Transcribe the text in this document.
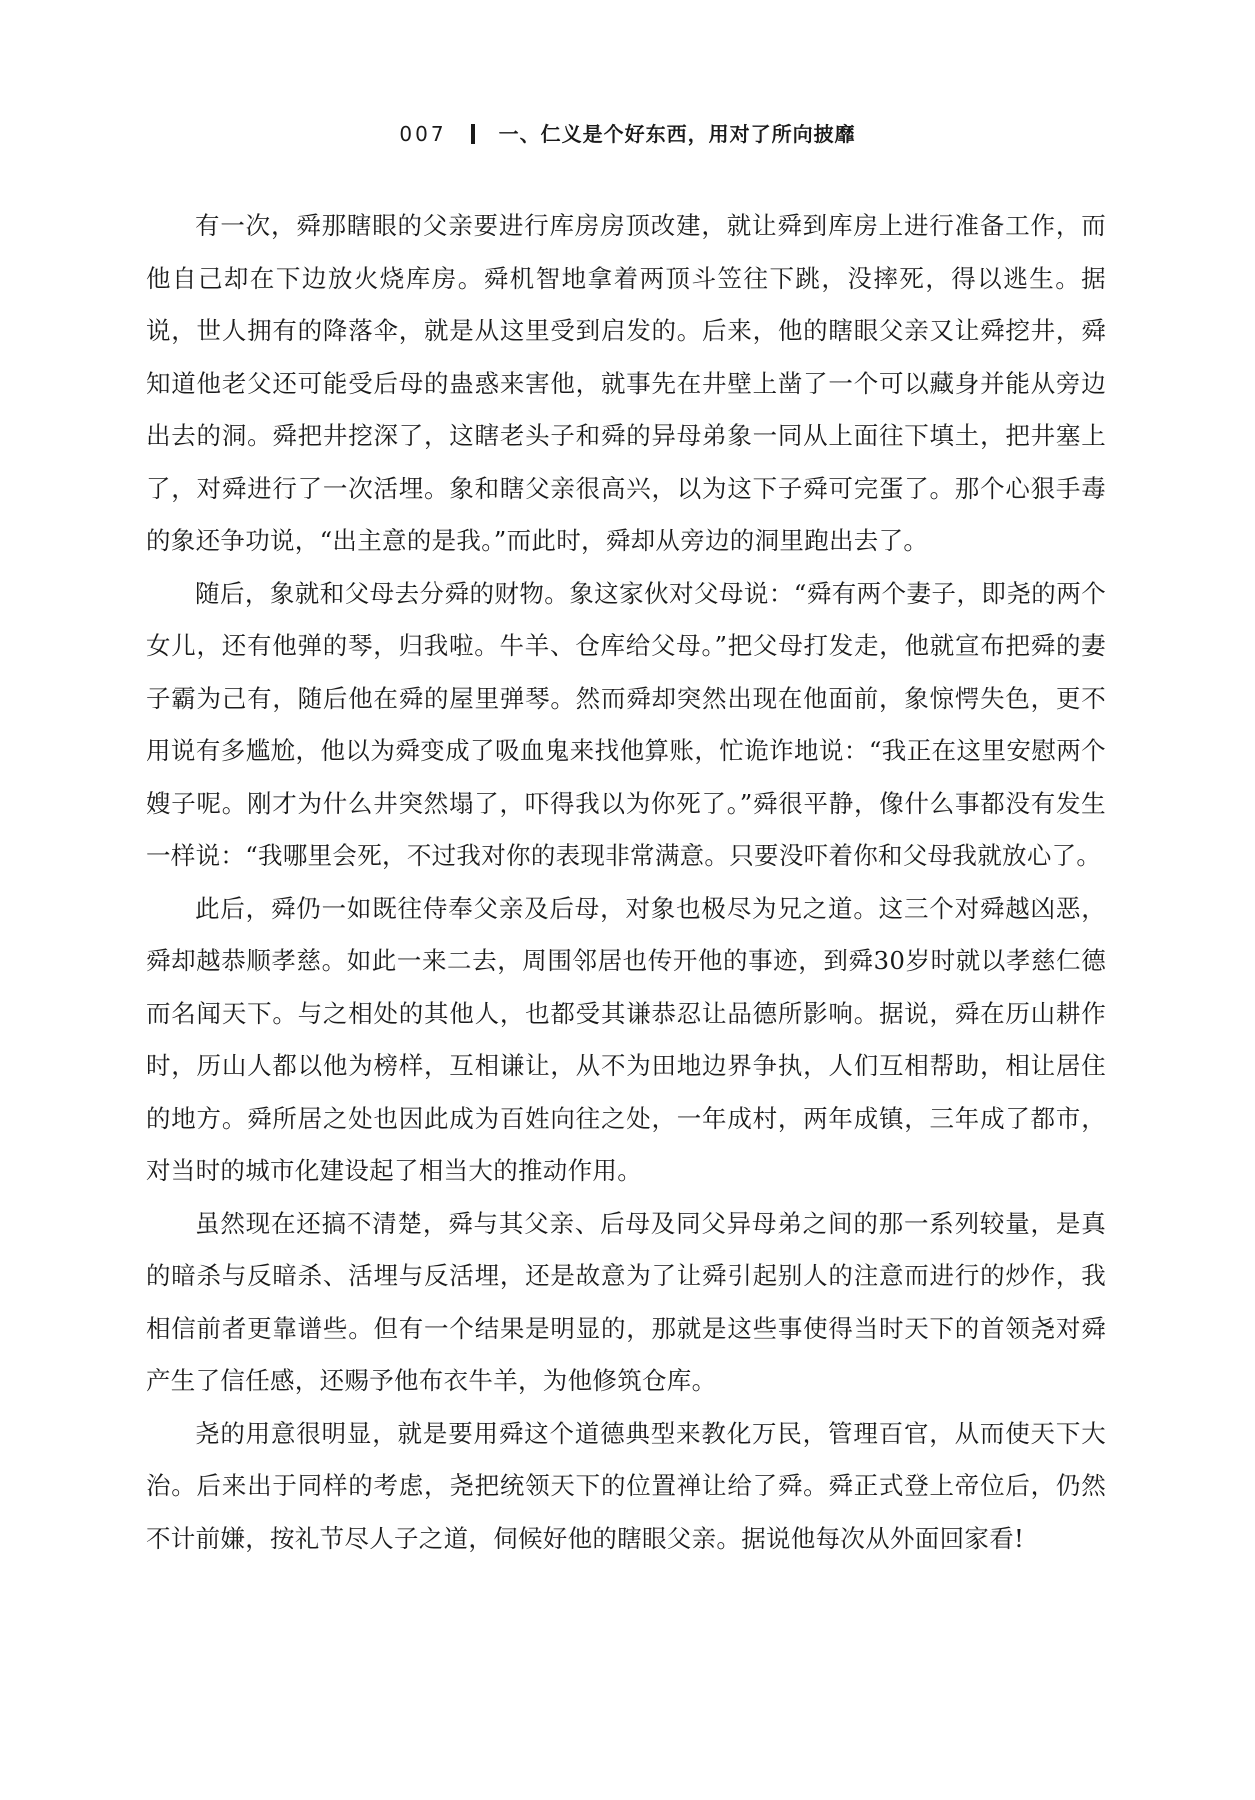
007	一、仁义是个好东西，用对了所向披靡

有一次，舜那瞎眼的父亲要进行库房房顶改建，就让舜到库房上进行准备工作，而他自己却在下边放火烧库房。舜机智地拿着两顶斗笠往下跳，没摔死，得以逃生。据说，世人拥有的降落伞，就是从这里受到启发的。后来，他的瞎眼父亲又让舜挖井，舜知道他老父还可能受后母的蛊惑来害他，就事先在井壁上凿了一个可以藏身并能从旁边出去的洞。舜把井挖深了，这瞎老头子和舜的异母弟象一同从上面往下填土，把井塞上了，对舜进行了一次活埋。象和瞎父亲很高兴，以为这下子舜可完蛋了。那个心狠手毒的象还争功说，“出主意的是我。”而此时，舜却从旁边的洞里跑出去了。

随后，象就和父母去分舜的财物。象这家伙对父母说：“舜有两个妻子，即尧的两个女儿，还有他弹的琴，归我啦。牛羊、仓库给父母。”把父母打发走，他就宣布把舜的妻子霸为己有，随后他在舜的屋里弹琴。然而舜却突然出现在他面前，象惊愕失色，更不用说有多尴尬，他以为舜变成了吸血鬼来找他算账，忙诡诈地说：“我正在这里安慰两个嫂子呢。刚才为什么井突然塌了，吓得我以为你死了。”舜很平静，像什么事都没有发生一样说：“我哪里会死，不过我对你的表现非常满意。只要没吓着你和父母我就放心了。

此后，舜仍一如既往侍奉父亲及后母，对象也极尽为兄之道。这三个对舜越凶恶，舜却越恭顺孝慈。如此一来二去，周围邻居也传开他的事迹，到舜30岁时就以孝慈仁德而名闻天下。与之相处的其他人，也都受其谦恭忍让品德所影响。据说，舜在历山耕作时，历山人都以他为榜样，互相谦让，从不为田地边界争执，人们互相帮助，相让居住的地方。舜所居之处也因此成为百姓向往之处，一年成村，两年成镇，三年成了都市，对当时的城市化建设起了相当大的推动作用。

虽然现在还搞不清楚，舜与其父亲、后母及同父异母弟之间的那一系列较量，是真的暗杀与反暗杀、活埋与反活埋，还是故意为了让舜引起别人的注意而进行的炒作，我相信前者更靠谱些。但有一个结果是明显的，那就是这些事使得当时天下的首领尧对舜产生了信任感，还赐予他布衣牛羊，为他修筑仓库。

尧的用意很明显，就是要用舜这个道德典型来教化万民，管理百官，从而使天下大治。后来出于同样的考虑，尧把统领天下的位置禅让给了舜。舜正式登上帝位后，仍然不计前嫌，按礼节尽人子之道，伺候好他的瞎眼父亲。据说他每次从外面回家看!
